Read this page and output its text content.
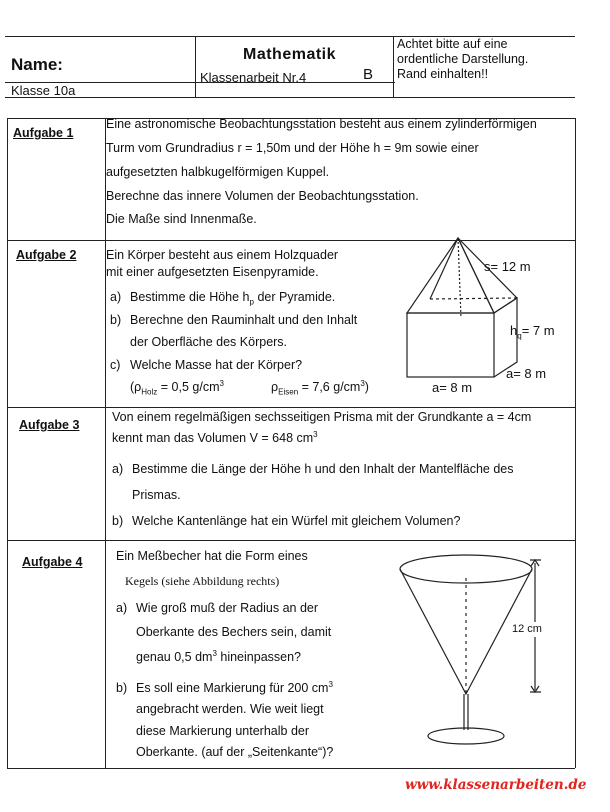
Name:
Klasse 10a
Mathematik
Klassenarbeit Nr.4	B
Achtet bitte auf eine
ordentliche Darstellung.
Rand einhalten!!
Aufgabe 1
Eine astronomische Beobachtungsstation besteht aus einem zylinderförmigen
Turm vom Grundradius r = 1,50m und der Höhe h = 9m sowie einer
aufgesetzten halbkugelförmigen Kuppel.
Berechne das innere Volumen der Beobachtungsstation.
Die Maße sind Innenmaße.
Aufgabe 2 Ein Körper besteht aus einem Holzquader
mit einer aufgesetzten Eisenpyramide.
a) Bestimme die Höhe $h_p$ der Pyramide.
b) Berechne den Rauminhalt und den Inhalt
der Oberfläche des Körpers.
c) Welche Masse hat der Körper?
($\rho_{Holz} = 0,5$ $g/cm^3$	$\rho_{Eisen} = 7,6$ $g/cm^3$)
s= 12 m
$h_q= 7$ m
a= 8 m
a= 8 m
Aufgabe 3
Von einem regelmäßigen sechsseitigen Prisma mit der Grundkante a = 4cm
kennt man das Volumen V = 648 $cm^3$
a) Bestimme die Länge der Höhe h und den Inhalt der Mantelfläche des
Prismas.
b) Welche Kantenlänge hat ein Würfel mit gleichem Volumen?
Aufgabe 4	Ein Meßbecher hat die Form eines
Kegels (siehe Abbildung rechts)
a) Wie groß muß der Radius an der
Oberkante des Bechers sein, damit
genau 0,5 $dm^3$ hineinpassen?
b) Es soll eine Markierung für 200 $cm^3$
angebracht werden. Wie weit liegt
diese Markierung unterhalb der
Oberkante. (auf der „Seitenkante“)?
12 cm
www.klassenarbeiten.de
